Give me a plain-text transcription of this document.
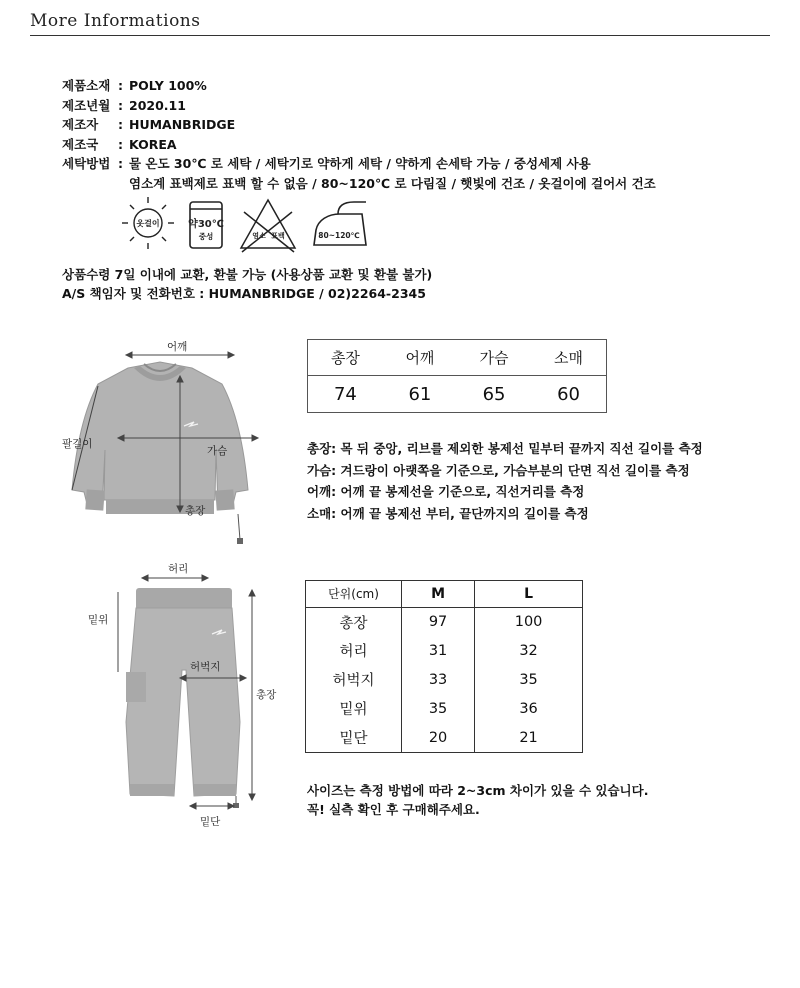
More Informations
제품소재 : POLY 100%
제조년월 : 2020.11
제조자	: HUMANBRIDGE
제조국	: KOREA
세탁방법 : 물 온도 30℃ 로 세탁 / 세탁기로 약하게 세탁 / 약하게 손세탁 가능 / 중성세제 사용
염소계 표백제로 표백 할 수 없음 / 80~120℃ 로 다림질 / 햇빛에 건조 / 옷걸이에 걸어서 건조
옷걸이	약30℃
중성	염소 표백	80~120℃
상품수령 7일 이내에 교환, 환불 가능 (사용상품 교환 및 환불 불가)
A/S 책임자 및 전화번호 : HUMANBRIDGE / 02)2264-2345
어깨
팔길이
가슴
총장
총장	어깨	가슴	소매
74	61	65	60
총장: 목 뒤 중앙, 리브를 제외한 봉제선 밑부터 끝까지 직선 길이를 측정
가슴: 겨드랑이 아랫쪽을 기준으로, 가슴부분의 단면 직선 길이를 측정
어깨: 어깨 끝 봉제선을 기준으로, 직선거리를 측정
소매: 어깨 끝 봉제선 부터, 끝단까지의 길이를 측정
허리
밑위
허벅지
총장
밑단
단위(cm)	M	L
총장	97	100
허리	31	32
허벅지	33	35
밑위	35	36
밑단	20	21
사이즈는 측정 방법에 따라 2~3cm 차이가 있을 수 있습니다.
꼭! 실측 확인 후 구매해주세요.
